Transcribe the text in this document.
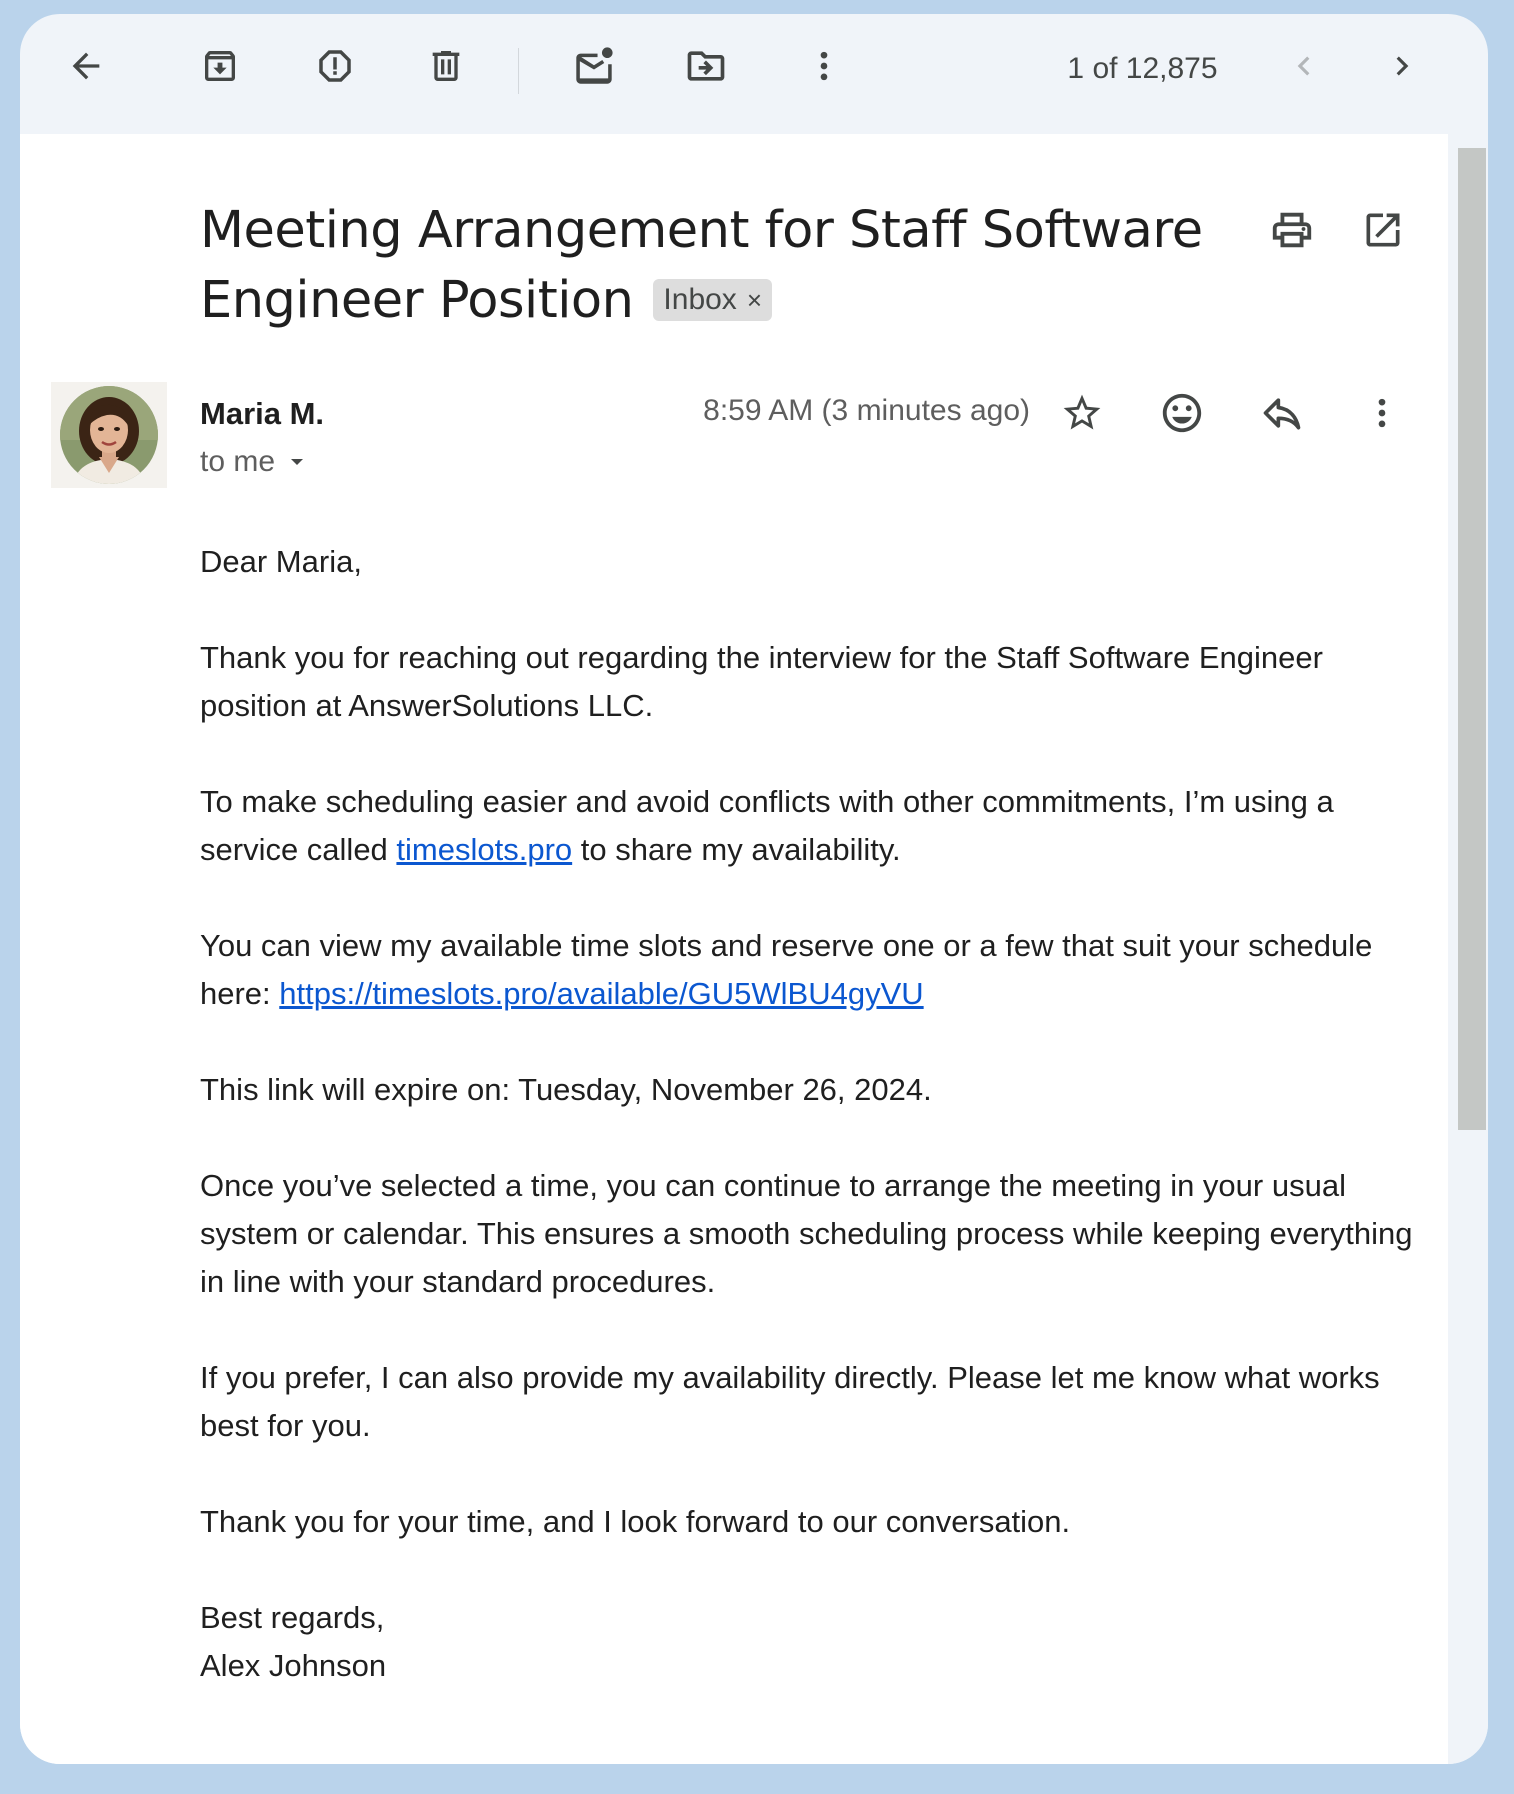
1 of 12,875
Meeting Arrangement for Staff Software Engineer Position Inbox ×
Maria M.
to me
8:59 AM (3 minutes ago)

Dear Maria,

Thank you for reaching out regarding the interview for the Staff Software Engineer position at AnswerSolutions LLC.

To make scheduling easier and avoid conflicts with other commitments, I’m using a service called timeslots.pro to share my availability.

You can view my available time slots and reserve one or a few that suit your schedule here: https://timeslots.pro/available/GU5WlBU4gyVU

This link will expire on: Tuesday, November 26, 2024.

Once you’ve selected a time, you can continue to arrange the meeting in your usual system or calendar. This ensures a smooth scheduling process while keeping everything in line with your standard procedures.

If you prefer, I can also provide my availability directly. Please let me know what works best for you.

Thank you for your time, and I look forward to our conversation.

Best regards,

Alex Johnson
